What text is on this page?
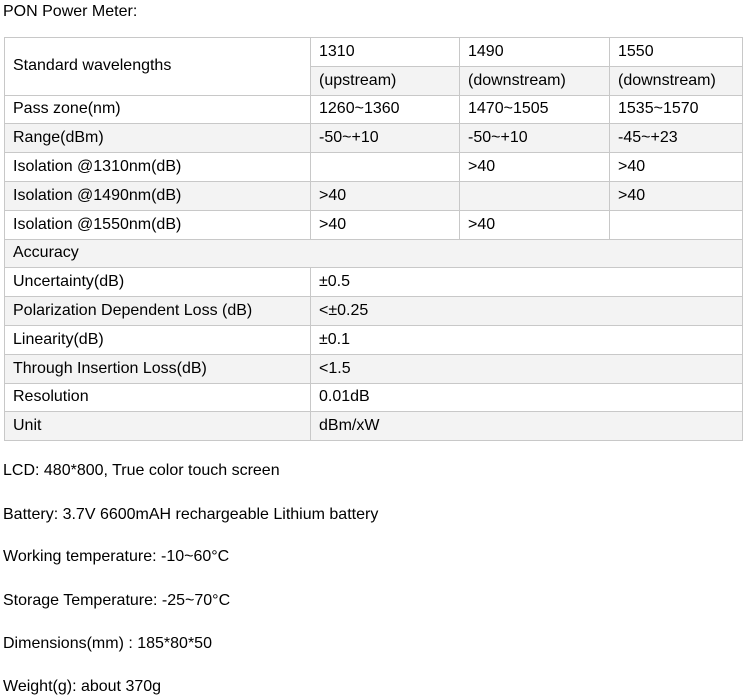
PON Power Meter:
Standard wavelengths	1310	1490	1550
	(upstream)	(downstream)	(downstream)
Pass zone(nm)	1260~1360	1470~1505	1535~1570
Range(dBm)	-50~+10	-50~+10	-45~+23
Isolation @1310nm(dB)		>40	>40
Isolation @1490nm(dB)	>40		>40
Isolation @1550nm(dB)	>40	>40	
Accuracy			
Uncertainty(dB)	±0.5		
Polarization Dependent Loss (dB)	<±0.25		
Linearity(dB)	±0.1		
Through Insertion Loss(dB)	<1.5		
Resolution	0.01dB		
Unit	dBm/xW		
LCD: 480*800, True color touch screen
Battery: 3.7V 6600mAH rechargeable Lithium battery
Working temperature: -10~60°C
Storage Temperature: -25~70°C
Dimensions(mm) : 185*80*50
Weight(g): about 370g
